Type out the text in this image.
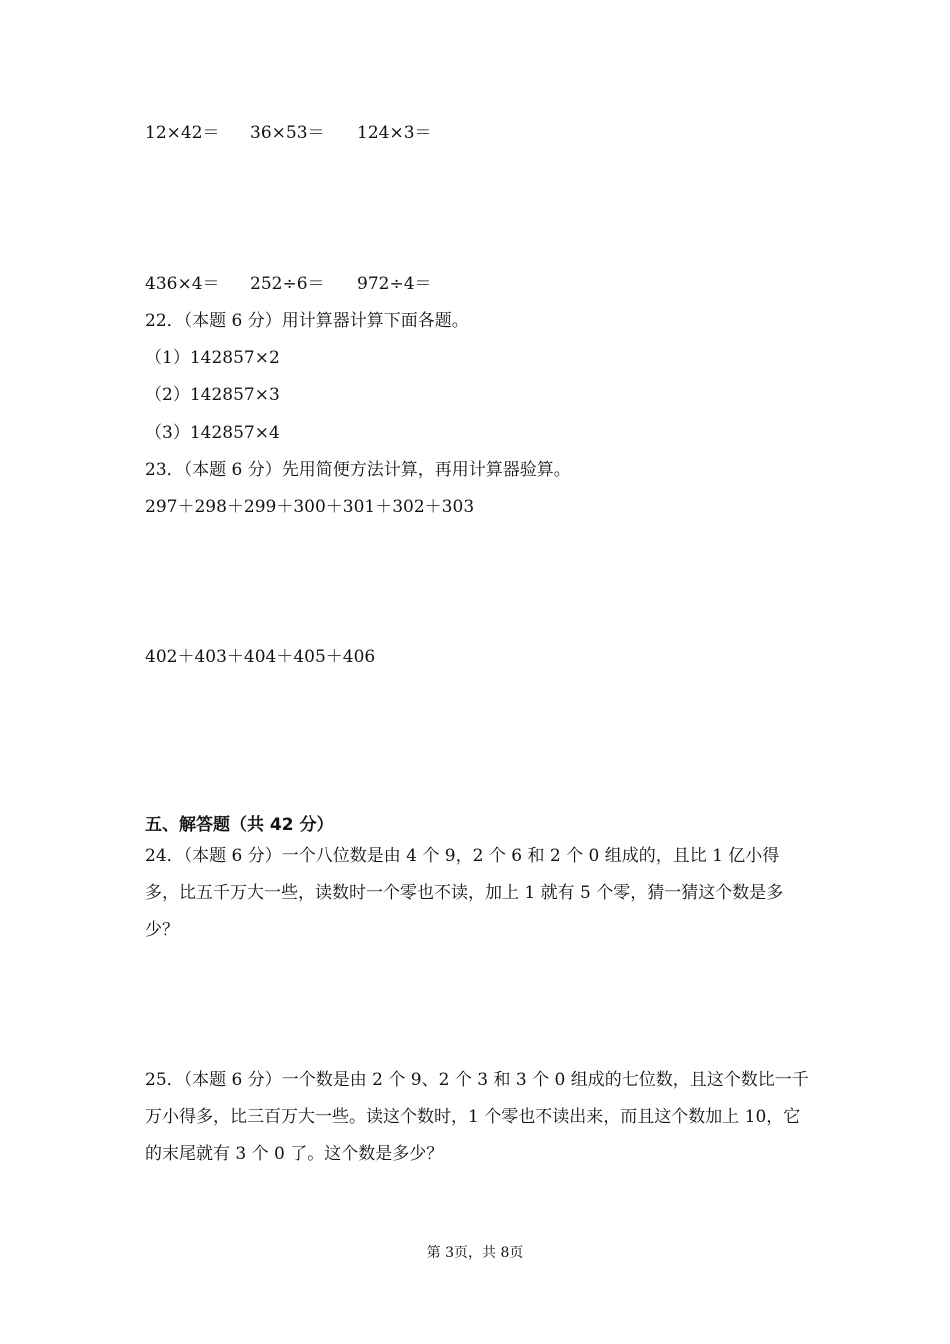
12×42＝ 36×53＝ 124×3＝
436×4＝ 252÷6＝ 972÷4＝
22．（本题 6 分）用计算器计算下面各题。
（1）142857×2
（2）142857×3
（3）142857×4
23．（本题 6 分）先用简便方法计算，再用计算器验算。
297＋298＋299＋300＋301＋302＋303
402＋403＋404＋405＋406
五、解答题（共 42 分）
24．（本题 6 分）一个八位数是由 4 个 9，2 个 6 和 2 个 0 组成的，且比 1 亿小得多，比五千万大一些，读数时一个零也不读，加上 1 就有 5 个零，猜一猜这个数是多少？
25．（本题 6 分）一个数是由 2 个 9、2 个 3 和 3 个 0 组成的七位数，且这个数比一千万小得多，比三百万大一些。读这个数时，1 个零也不读出来，而且这个数加上 10，它的末尾就有 3 个 0 了。这个数是多少？
第 3页，共 8页
